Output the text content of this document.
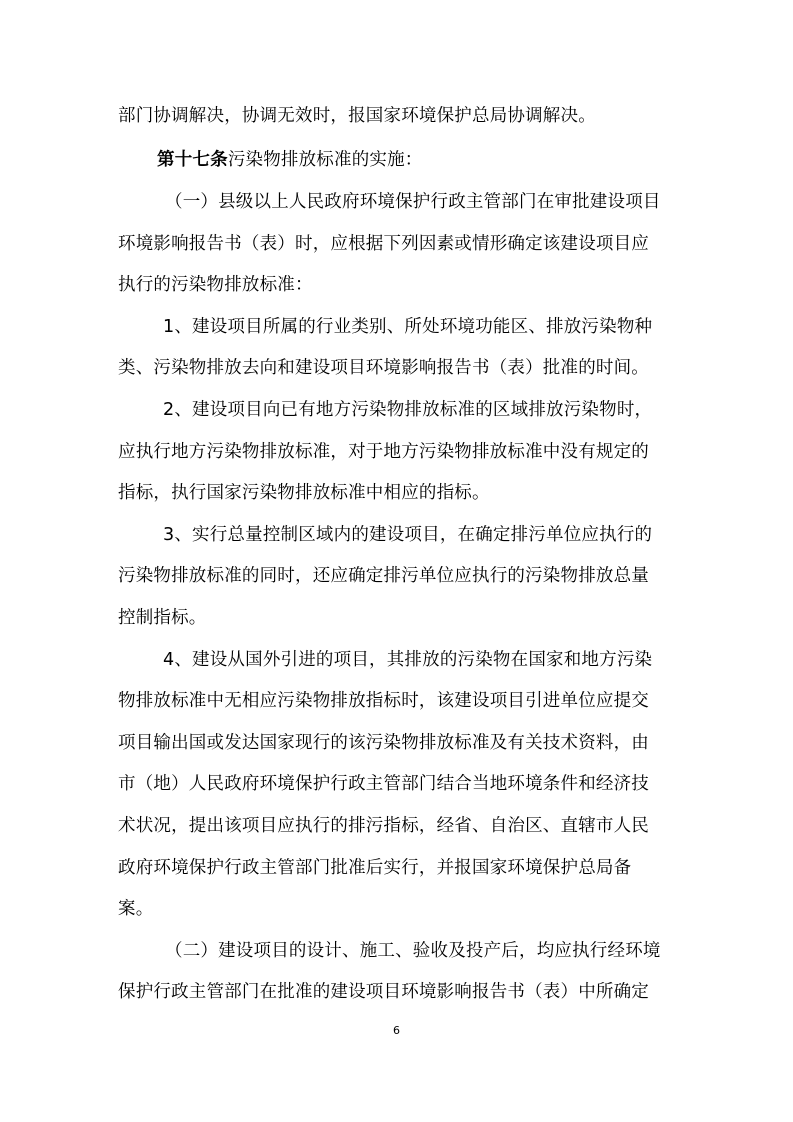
部门协调解决，协调无效时，报国家环境保护总局协调解决。
第十七条污染物排放标准的实施：
（一）县级以上人民政府环境保护行政主管部门在审批建设项目
环境影响报告书（表）时，应根据下列因素或情形确定该建设项目应
执行的污染物排放标准：
1、建设项目所属的行业类别、所处环境功能区、排放污染物种
类、污染物排放去向和建设项目环境影响报告书（表）批准的时间。
2、建设项目向已有地方污染物排放标准的区域排放污染物时，
应执行地方污染物排放标准，对于地方污染物排放标准中没有规定的
指标，执行国家污染物排放标准中相应的指标。
3、实行总量控制区域内的建设项目，在确定排污单位应执行的
污染物排放标准的同时，还应确定排污单位应执行的污染物排放总量
控制指标。
4、建设从国外引进的项目，其排放的污染物在国家和地方污染
物排放标准中无相应污染物排放指标时，该建设项目引进单位应提交
项目输出国或发达国家现行的该污染物排放标准及有关技术资料，由
市（地）人民政府环境保护行政主管部门结合当地环境条件和经济技
术状况，提出该项目应执行的排污指标，经省、自治区、直辖市人民
政府环境保护行政主管部门批准后实行，并报国家环境保护总局备
案。
（二）建设项目的设计、施工、验收及投产后，均应执行经环境
保护行政主管部门在批准的建设项目环境影响报告书（表）中所确定
6
